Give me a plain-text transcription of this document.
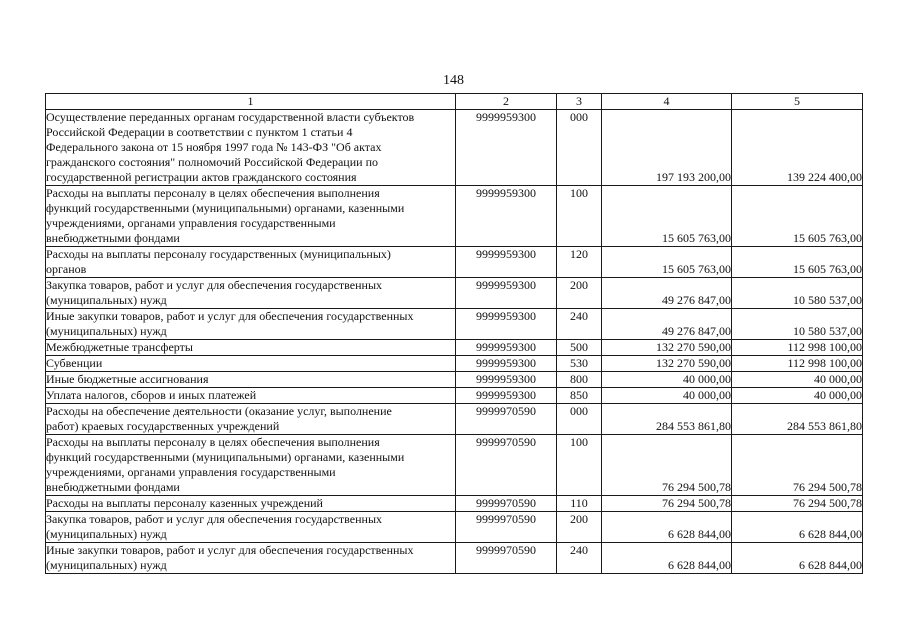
148
1	2	3	4	5
Осуществление переданных органам государственной власти субъектов
Российской Федерации в соответствии с пунктом 1 статьи 4
Федерального закона от 15 ноября 1997 года № 143-ФЗ "Об актах
гражданского состояния" полномочий Российской Федерации по
государственной регистрации актов гражданского состояния	9999959300	000	197 193 200,00	139 224 400,00
Расходы на выплаты персоналу в целях обеспечения выполнения
функций государственными (муниципальными) органами, казенными
учреждениями, органами управления государственными
внебюджетными фондами	9999959300	100	15 605 763,00	15 605 763,00
Расходы на выплаты персоналу государственных (муниципальных)
органов	9999959300	120	15 605 763,00	15 605 763,00
Закупка товаров, работ и услуг для обеспечения государственных
(муниципальных) нужд	9999959300	200	49 276 847,00	10 580 537,00
Иные закупки товаров, работ и услуг для обеспечения государственных
(муниципальных) нужд	9999959300	240	49 276 847,00	10 580 537,00
Межбюджетные трансферты	9999959300	500	132 270 590,00	112 998 100,00
Субвенции	9999959300	530	132 270 590,00	112 998 100,00
Иные бюджетные ассигнования	9999959300	800	40 000,00	40 000,00
Уплата налогов, сборов и иных платежей	9999959300	850	40 000,00	40 000,00
Расходы на обеспечение деятельности (оказание услуг, выполнение
работ) краевых государственных учреждений	9999970590	000	284 553 861,80	284 553 861,80
Расходы на выплаты персоналу в целях обеспечения выполнения
функций государственными (муниципальными) органами, казенными
учреждениями, органами управления государственными
внебюджетными фондами	9999970590	100	76 294 500,78	76 294 500,78
Расходы на выплаты персоналу казенных учреждений	9999970590	110	76 294 500,78	76 294 500,78
Закупка товаров, работ и услуг для обеспечения государственных
(муниципальных) нужд	9999970590	200	6 628 844,00	6 628 844,00
Иные закупки товаров, работ и услуг для обеспечения государственных
(муниципальных) нужд	9999970590	240	6 628 844,00	6 628 844,00
